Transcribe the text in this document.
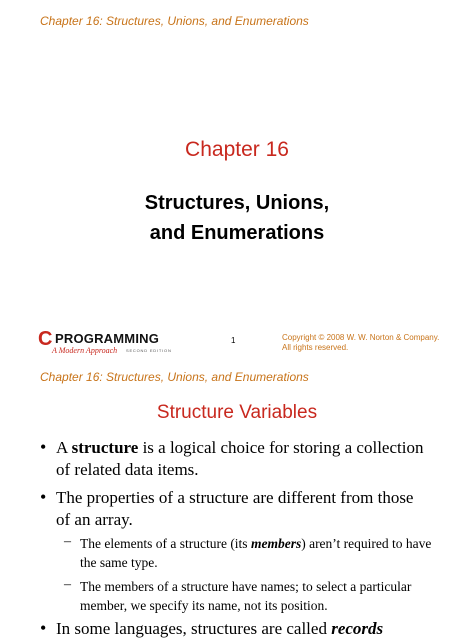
Chapter 16: Structures, Unions, and Enumerations
Chapter 16
Structures, Unions,
and Enumerations
C PROGRAMMING
A Modern Approach SECOND EDITION
1	Copyright © 2008 W. W. Norton & Company.
All rights reserved.
Chapter 16: Structures, Unions, and Enumerations
Structure Variables
• A structure is a logical choice for storing a collection of related data items.
• The properties of a structure are different from those of an array.
– The elements of a structure (its members) aren’t required to have the same type.
– The members of a structure have names; to select a particular member, we specify its name, not its position.
• In some languages, structures are called records
